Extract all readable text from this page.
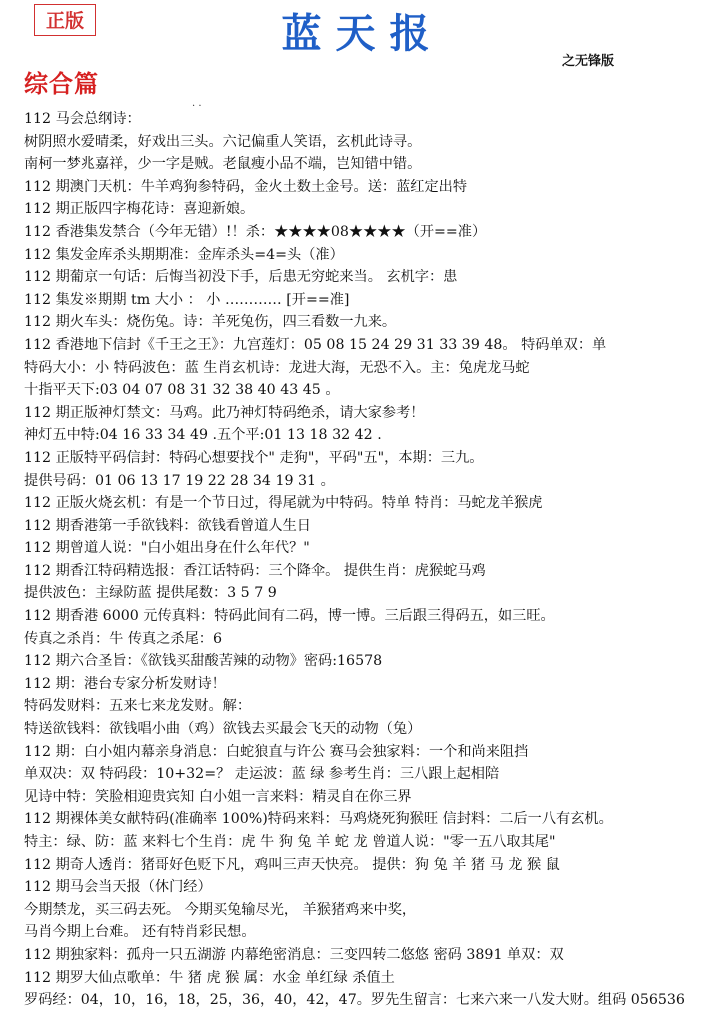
正版	蓝天报
之无锋版
综合篇
. .
112 马会总纲诗：
树阴照水爱晴柔，好戏出三头。六记偏重人笑语，玄机此诗寻。
南柯一梦兆嘉祥，少一字是贼。老鼠瘦小品不端，岂知错中错。
112 期澳门天机：牛羊鸡狗参特码，金火土数土金号。送：蓝红定出特
112 期正版四字梅花诗：喜迎新娘。
112 香港集发禁合（今年无错）!！杀：★★★★08★★★★（开==准）
112 集发金库杀头期期准：金库杀头=4=头（准）
112 期葡京一句话：后悔当初没下手，后患无穷蛇来当。 玄机字：患
112 集发※期期 tm 大小 ： 小 ………… [开==准]
112 期火车头：烧伤兔。诗：羊死兔伤，四三看数一九来。
112 香港地下信封《千王之王》：九宫莲灯：05 08 15 24 29 31 33 39 48。 特码单双：单
特码大小：小 特码波色：蓝 生肖玄机诗：龙进大海，无恐不入。主：兔虎龙马蛇
十指平天下:03 04 07 08 31 32 38 40 43 45 。
112 期正版神灯禁文：马鸡。此乃神灯特码绝杀，请大家参考！
神灯五中特:04 16 33 34 49 .五个平:01 13 18 32 42 .
112 正版特平码信封：特码心想要找个" 走狗"，平码"五"，本期：三九。
提供号码：01 06 13 17 19 22 28 34 19 31 。
112 正版火烧玄机：有是一个节日过，得尾就为中特码。特单 特肖：马蛇龙羊猴虎
112 期香港第一手欲钱料：欲钱看曾道人生日
112 期曾道人说："白小姐出身在什么年代？"
112 期香江特码精选报：香江话特码：三个降伞。 提供生肖：虎猴蛇马鸡
提供波色：主绿防蓝 提供尾数：3 5 7 9
112 期香港 6000 元传真料：特码此间有二码，博一博。三后跟三得码五，如三旺。
传真之杀肖：牛 传真之杀尾：6
112 期六合圣旨：《欲钱买甜酸苦辣的动物》密码:16578
112 期：港台专家分析发财诗！
特码发财料：五来七来龙发财。解：
特送欲钱料：欲钱唱小曲（鸡）欲钱去买最会飞天的动物（兔）
112 期：白小姐内幕亲身消息：白蛇狼直与许公 赛马会独家料：一个和尚来阻挡
单双决：双 特码段：10+32=？ 走运波：蓝 绿 参考生肖：三八跟上起相陪
见诗中特：笑脸相迎贵宾知 白小姐一言来料：精灵自在你三界
112 期裸体美女献特码(准确率 100%)特码来料：马鸡烧死狗猴旺 信封料：二后一八有玄机。
特主：绿、防：蓝 来料七个生肖：虎 牛 狗 兔 羊 蛇 龙 曾道人说："零一五八取其尾"
112 期奇人透肖：猪哥好色贬下凡，鸡叫三声天快亮。 提供：狗 兔 羊 猪 马 龙 猴 鼠
112 期马会当天报（休门经）
今期禁龙，买三码去死。 今期买兔输尽光， 羊猴猪鸡来中奖，
马肖今期上台难。 还有特肖彩民想。
112 期独家料：孤舟一只五湖游 内幕绝密消息：三变四转二悠悠 密码 3891 单双：双
112 期罗大仙点歌单：牛 猪 虎 猴 属：水金 单红绿 杀值土
罗码经：04，10，16，18，25，36，40，42，47。罗先生留言：七来六来一八发大财。组码 056536
